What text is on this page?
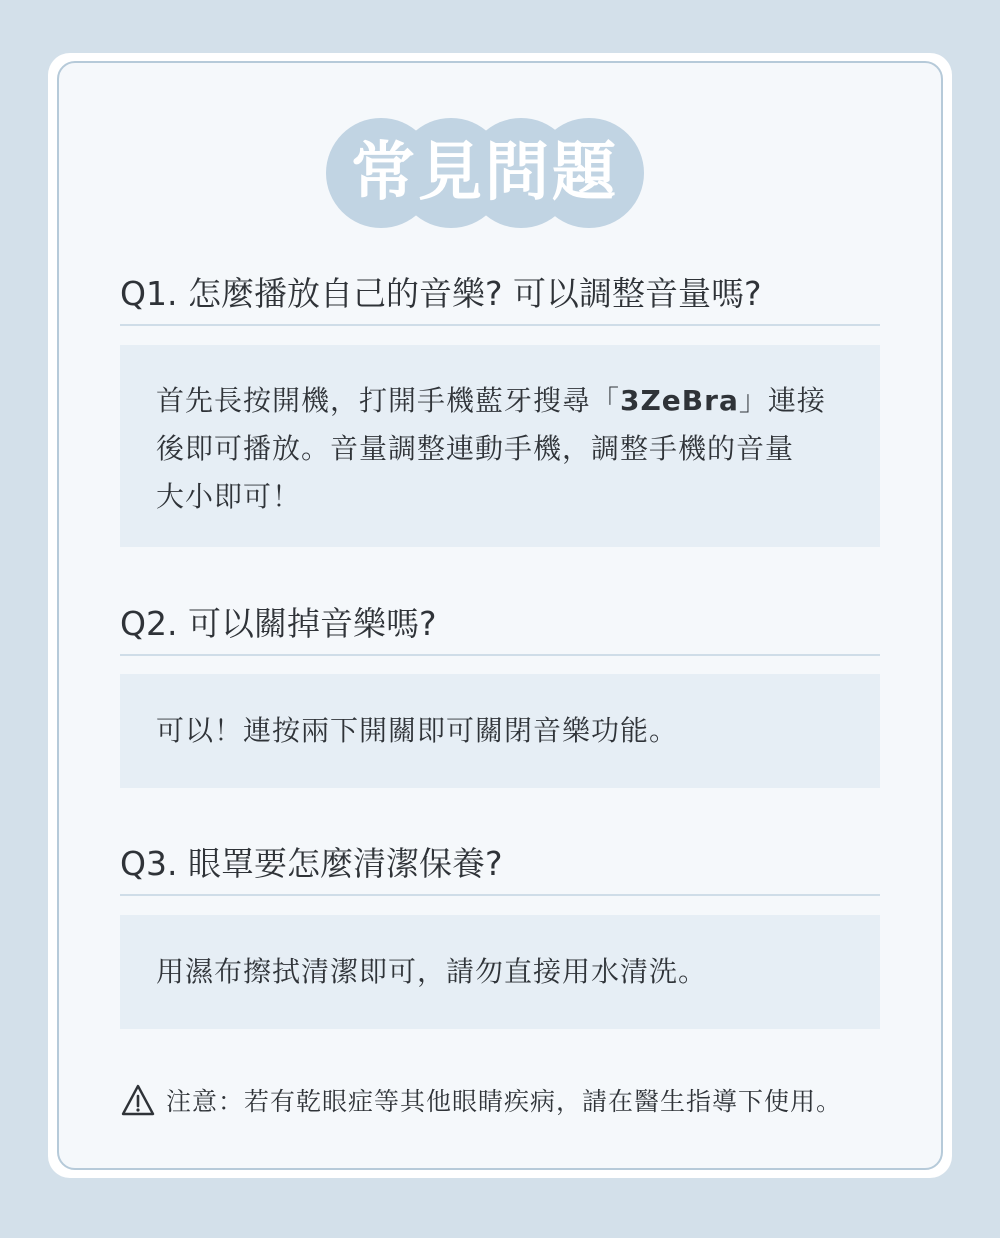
常見問題
Q1. 怎麼播放自己的音樂? 可以調整音量嗎?
首先長按開機，打開手機藍牙搜尋「3ZeBra」連接
後即可播放。音量調整連動手機，調整手機的音量
大小即可！
Q2. 可以關掉音樂嗎?
可以！連按兩下開關即可關閉音樂功能。
Q3. 眼罩要怎麼清潔保養?
用濕布擦拭清潔即可，請勿直接用水清洗。
注意：若有乾眼症等其他眼睛疾病，請在醫生指導下使用。
